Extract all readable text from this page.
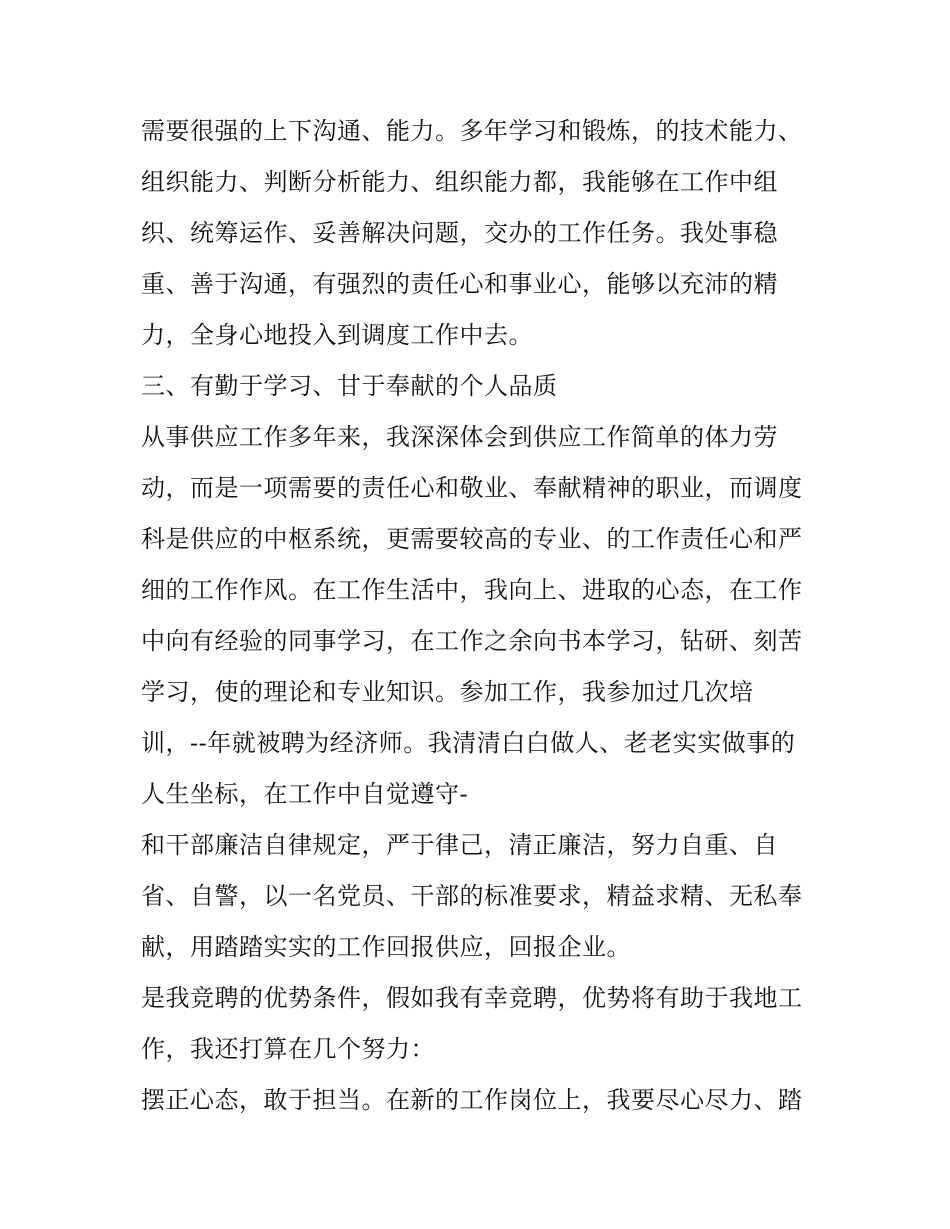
需要很强的上下沟通、能力。多年学习和锻炼，的技术能力、
组织能力、判断分析能力、组织能力都，我能够在工作中组
织、统筹运作、妥善解决问题，交办的工作任务。我处事稳
重、善于沟通，有强烈的责任心和事业心，能够以充沛的精
力，全身心地投入到调度工作中去。
三、有勤于学习、甘于奉献的个人品质
从事供应工作多年来，我深深体会到供应工作简单的体力劳
动，而是一项需要的责任心和敬业、奉献精神的职业，而调度
科是供应的中枢系统，更需要较高的专业、的工作责任心和严
细的工作作风。在工作生活中，我向上、进取的心态，在工作
中向有经验的同事学习，在工作之余向书本学习，钻研、刻苦
学习，使的理论和专业知识。参加工作，我参加过几次培
训，--年就被聘为经济师。我清清白白做人、老老实实做事的
人生坐标，在工作中自觉遵守-
和干部廉洁自律规定，严于律己，清正廉洁，努力自重、自
省、自警，以一名党员、干部的标准要求，精益求精、无私奉
献，用踏踏实实的工作回报供应，回报企业。
是我竞聘的优势条件，假如我有幸竞聘，优势将有助于我地工
作，我还打算在几个努力：
摆正心态，敢于担当。在新的工作岗位上，我要尽心尽力、踏
